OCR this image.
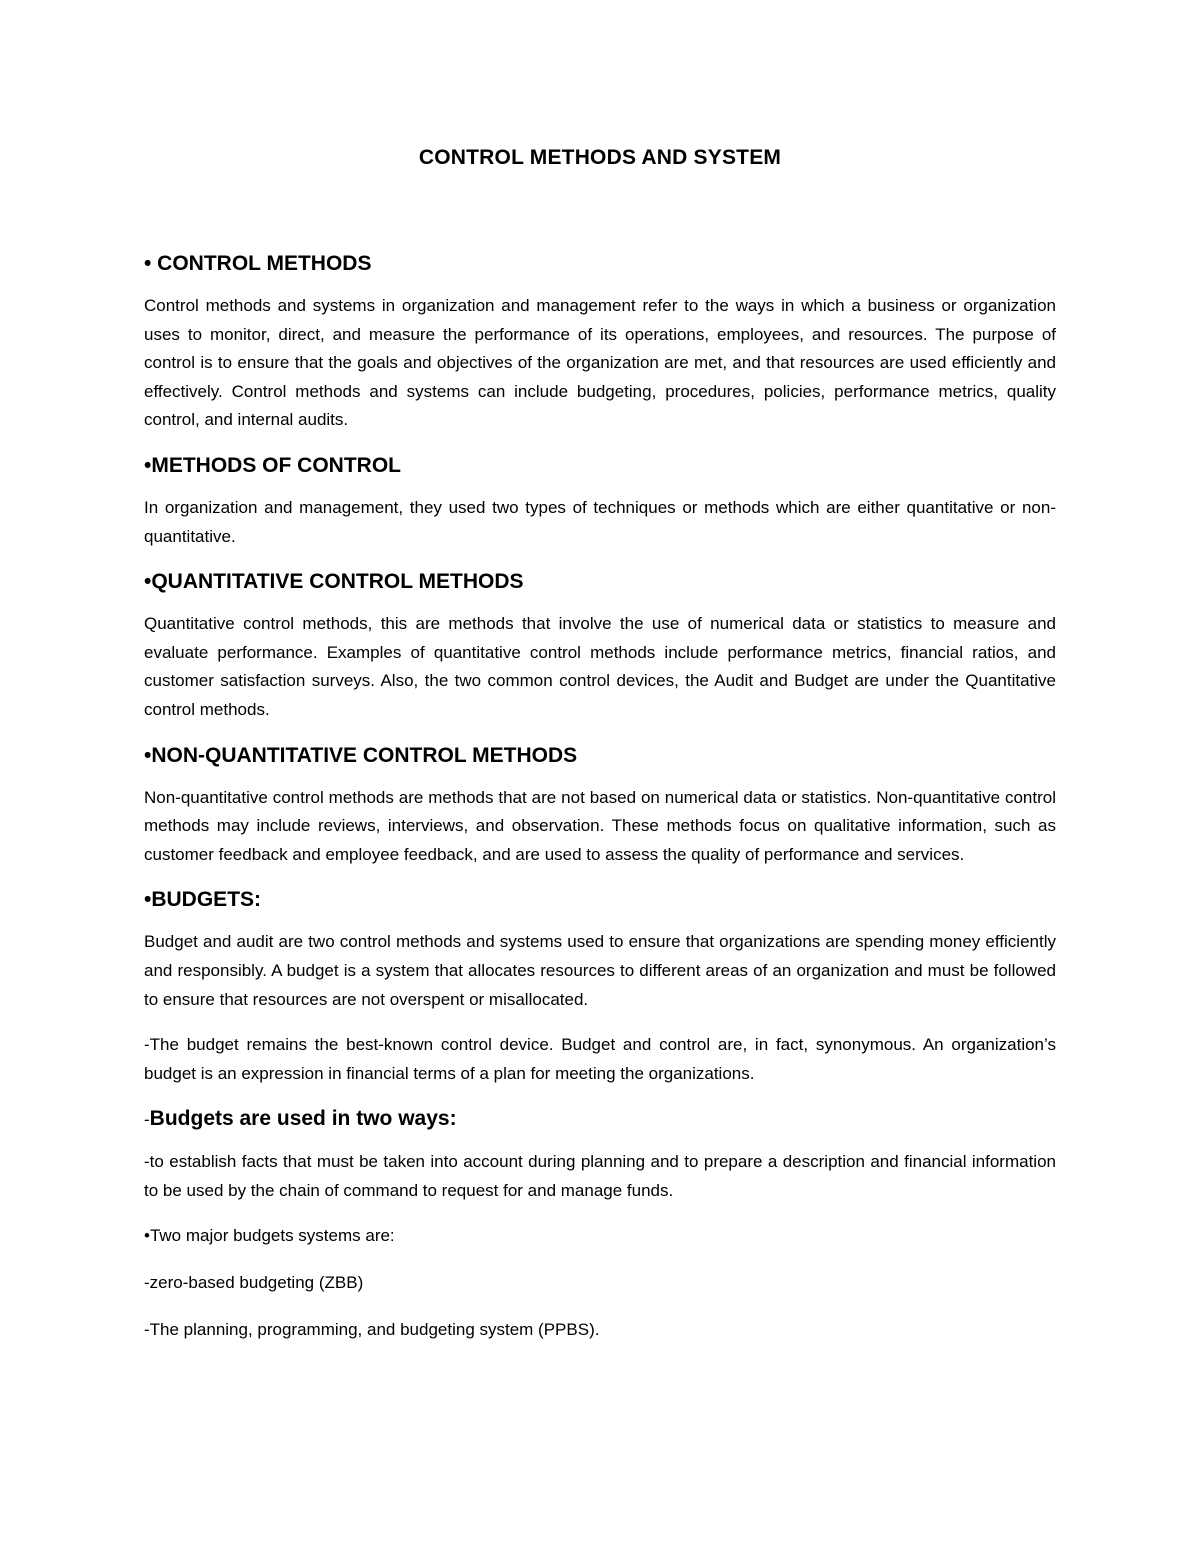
CONTROL METHODS AND SYSTEM
• CONTROL METHODS

Control methods and systems in organization and management refer to the ways in which a business or organization uses to monitor, direct, and measure the performance of its operations, employees, and resources. The purpose of control is to ensure that the goals and objectives of the organization are met, and that resources are used efficiently and effectively. Control methods and systems can include budgeting, procedures, policies, performance metrics, quality control, and internal audits.

•METHODS OF CONTROL

In organization and management, they used two types of techniques or methods which are either quantitative or non-quantitative.

•QUANTITATIVE CONTROL METHODS

Quantitative control methods, this are methods that involve the use of numerical data or statistics to measure and evaluate performance. Examples of quantitative control methods include performance metrics, financial ratios, and customer satisfaction surveys. Also, the two common control devices, the Audit and Budget are under the Quantitative control methods.

•NON-QUANTITATIVE CONTROL METHODS

Non-quantitative control methods are methods that are not based on numerical data or statistics. Non-quantitative control methods may include reviews, interviews, and observation. These methods focus on qualitative information, such as customer feedback and employee feedback, and are used to assess the quality of performance and services.

•BUDGETS:

Budget and audit are two control methods and systems used to ensure that organizations are spending money efficiently and responsibly. A budget is a system that allocates resources to different areas of an organization and must be followed to ensure that resources are not overspent or misallocated.

-The budget remains the best-known control device. Budget and control are, in fact, synonymous. An organization’s budget is an expression in financial terms of a plan for meeting the organizations.

-Budgets are used in two ways:

-to establish facts that must be taken into account during planning and to prepare a description and financial information to be used by the chain of command to request for and manage funds.

•Two major budgets systems are:

-zero-based budgeting (ZBB)

-The planning, programming, and budgeting system (PPBS).
